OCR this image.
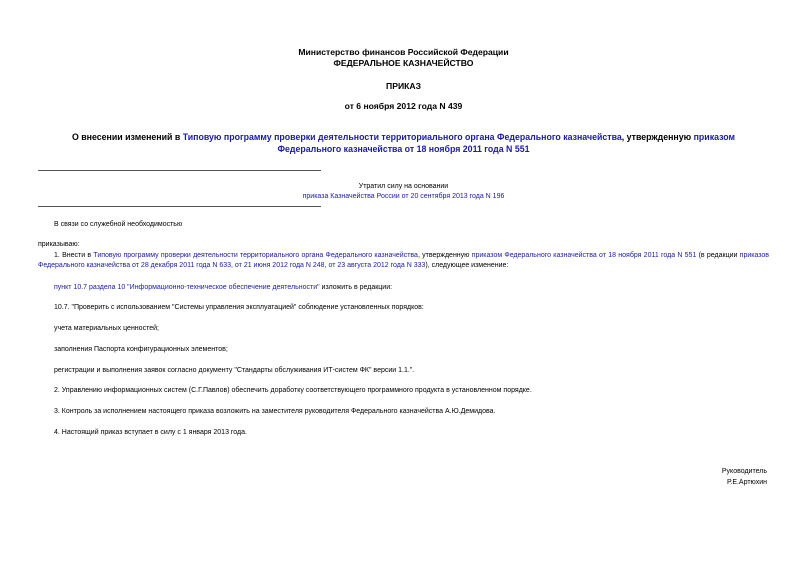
Министерство финансов Российской Федерации
ФЕДЕРАЛЬНОЕ КАЗНАЧЕЙСТВО
ПРИКАЗ
от 6 ноября 2012 года N 439
О внесении изменений в Типовую программу проверки деятельности территориального органа Федерального казначейства, утвержденную приказом
Федерального казначейства от 18 ноября 2011 года N 551
Утратил силу на основании
приказа Казначейства России от 20 сентября 2013 года N 196
В связи со служебной необходимостью
приказываю:
1. Внести в Типовую программу проверки деятельности территориального органа Федерального казначейства, утвержденную приказом Федерального казначейства от 18 ноября 2011 года N 551 (в редакции приказов Федерального казначейства от 28 декабря 2011 года N 633, от 21 июня 2012 года N 248, от 23 августа 2012 года N 333), следующее изменение:
пункт 10.7 раздела 10 "Информационно-техническое обеспечение деятельности" изложить в редакции:
10.7. "Проверить с использованием "Системы управления эксплуатацией" соблюдение установленных порядков:
учета материальных ценностей;
заполнения Паспорта конфигурационных элементов;
регистрации и выполнения заявок согласно документу "Стандарты обслуживания ИТ-систем ФК" версии 1.1.".
2. Управлению информационных систем (С.Г.Павлов) обеспечить доработку соответствующего программного продукта в установленном порядке.
3. Контроль за исполнением настоящего приказа возложить на заместителя руководителя Федерального казначейства А.Ю.Демидова.
4. Настоящий приказ вступает в силу с 1 января 2013 года.
Руководитель
Р.Е.Артюхин
